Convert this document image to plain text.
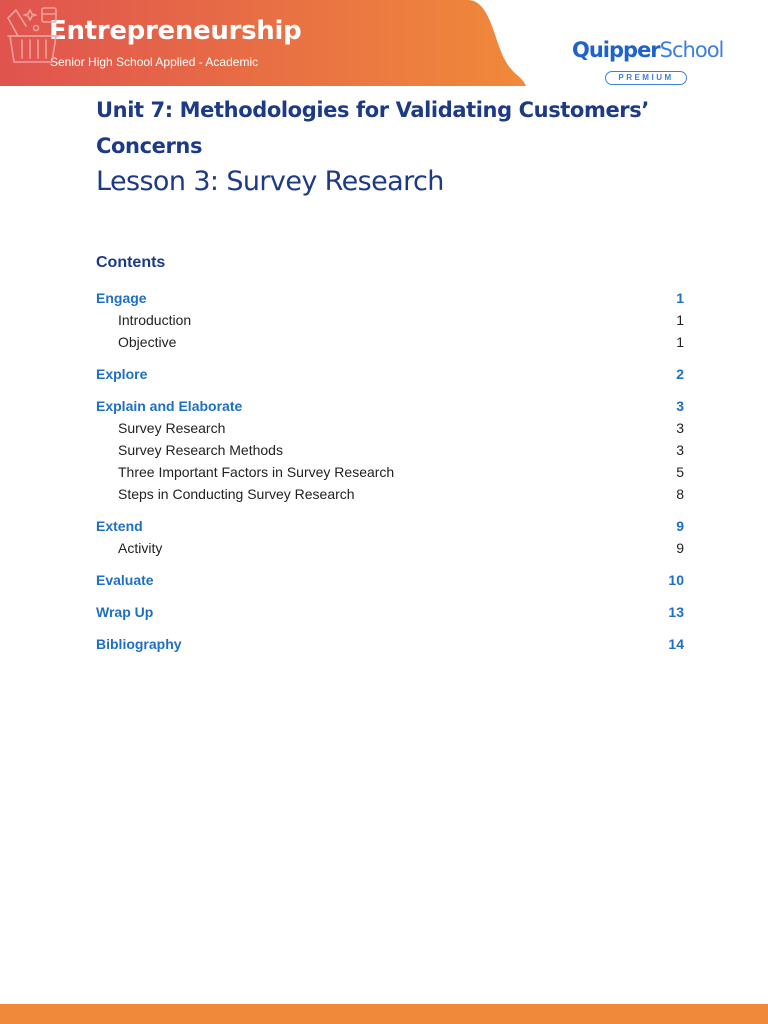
Entrepreneurship
Senior High School Applied - Academic	QuipperSchool
PREMIUM
Unit 7: Methodologies for Validating Customers’ Concerns
Lesson 3: Survey Research
Contents
Engage	1
Introduction	1
Objective	1
Explore	2
Explain and Elaborate	3
Survey Research	3
Survey Research Methods	3
Three Important Factors in Survey Research	5
Steps in Conducting Survey Research	8
Extend	9
Activity	9
Evaluate	10
Wrap Up	13
Bibliography	14
